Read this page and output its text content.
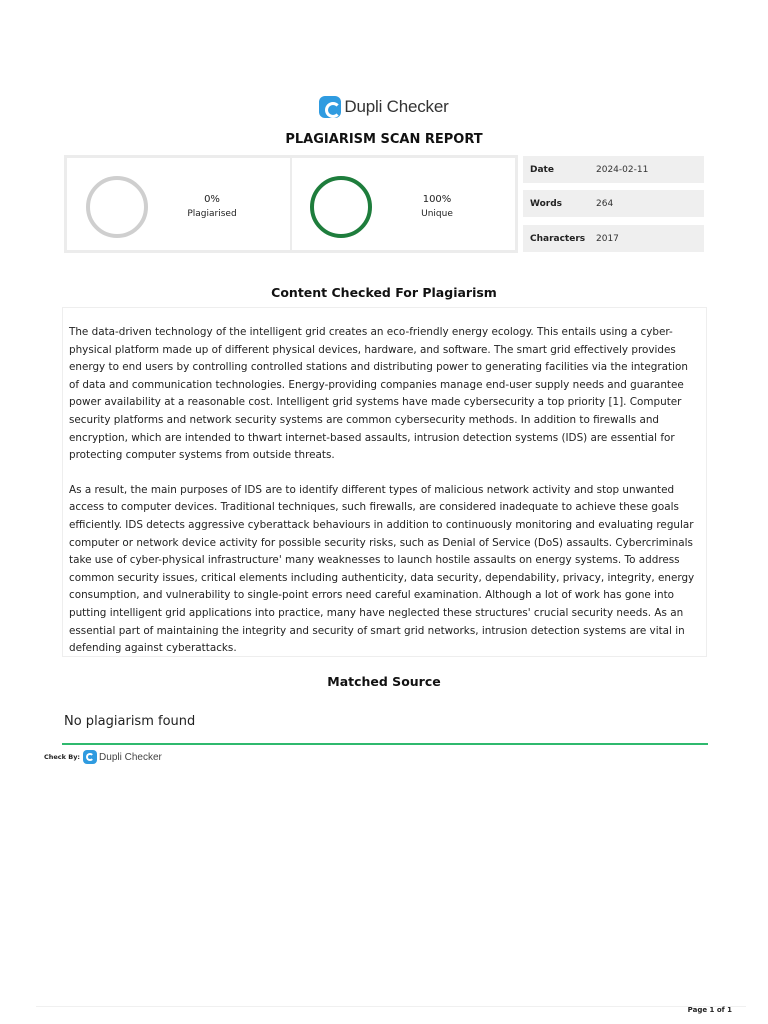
Dupli Checker
PLAGIARISM SCAN REPORT
0%
Plagiarised
100%
Unique
Date	2024-02-11
Words	264
Characters	2017
Content Checked For Plagiarism

The data-driven technology of the intelligent grid creates an eco-friendly energy ecology. This entails using a cyber-physical platform made up of different physical devices, hardware, and software. The smart grid effectively provides energy to end users by controlling controlled stations and distributing power to generating facilities via the integration of data and communication technologies. Energy-providing companies manage end-user supply needs and guarantee power availability at a reasonable cost. Intelligent grid systems have made cybersecurity a top priority [1]. Computer security platforms and network security systems are common cybersecurity methods. In addition to firewalls and encryption, which are intended to thwart internet-based assaults, intrusion detection systems (IDS) are essential for protecting computer systems from outside threats.

As a result, the main purposes of IDS are to identify different types of malicious network activity and stop unwanted access to computer devices. Traditional techniques, such firewalls, are considered inadequate to achieve these goals efficiently. IDS detects aggressive cyberattack behaviours in addition to continuously monitoring and evaluating regular computer or network device activity for possible security risks, such as Denial of Service (DoS) assaults. Cybercriminals take use of cyber-physical infrastructure' many weaknesses to launch hostile assaults on energy systems. To address common security issues, critical elements including authenticity, data security, dependability, privacy, integrity, energy consumption, and vulnerability to single-point errors need careful examination. Although a lot of work has gone into putting intelligent grid applications into practice, many have neglected these structures' crucial security needs. As an essential part of maintaining the integrity and security of smart grid networks, intrusion detection systems are vital in defending against cyberattacks.

Matched Source
No plagiarism found
Check By: Dupli Checker
Page 1 of 1
